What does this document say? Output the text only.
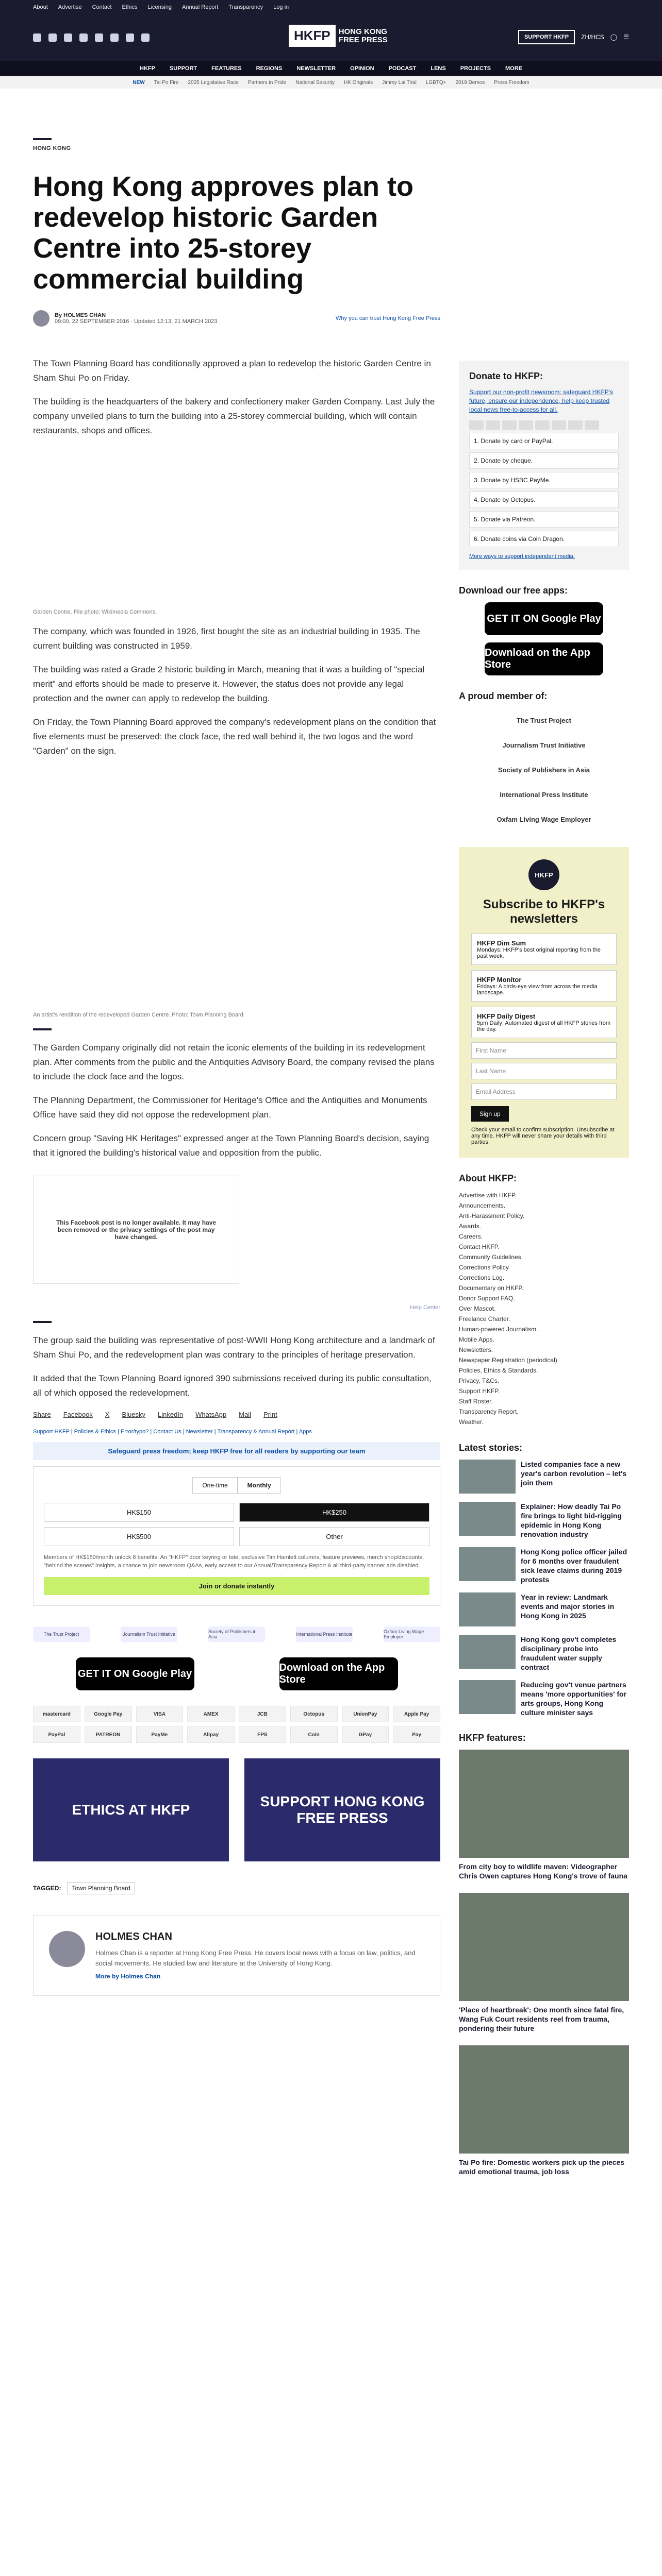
About Advertise Contact Ethics Licensing Annual Report Transparency Log in
HKFP	HONG KONG
FREE PRESS	SUPPORT HKFP	ZH/HCS ◯ ☰
HKFP	SUPPORT	FEATURES	REGIONS	NEWSLETTER	OPINION	PODCAST	LENS	PROJECTS	MORE
NEW Tai Po Fire 2025 Legislative Race Partners in Pride National Security HK Originals Jimmy Lai Trial LGBTQ+ 2019 Demos Press Freedom
HONG KONG
Hong Kong approves plan to redevelop historic Garden Centre into 25-storey commercial building
By HOLMES CHAN
09:00, 22 SEPTEMBER 2016 · Updated 12:13, 21 MARCH 2023	Why you can trust Hong Kong Free Press

The Town Planning Board has conditionally approved a plan to redevelop the historic Garden Centre in Sham Shui Po on Friday.

The building is the headquarters of the bakery and confectionery maker Garden Company. Last July the company unveiled plans to turn the building into a 25-storey commercial building, which will contain restaurants, shops and offices.

Garden Centre. File photo: Wikimedia Commons.

The company, which was founded in 1926, first bought the site as an industrial building in 1935. The current building was constructed in 1959.

The building was rated a Grade 2 historic building in March, meaning that it was a building of "special merit" and efforts should be made to preserve it. However, the status does not provide any legal protection and the owner can apply to redevelop the building.

On Friday, the Town Planning Board approved the company's redevelopment plans on the condition that five elements must be preserved: the clock face, the red wall behind it, the two logos and the word "Garden" on the sign.

An artist's rendition of the redeveloped Garden Centre. Photo: Town Planning Board.

The Garden Company originally did not retain the iconic elements of the building in its redevelopment plan. After comments from the public and the Antiquities Advisory Board, the company revised the plans to include the clock face and the logos.

The Planning Department, the Commissioner for Heritage's Office and the Antiquities and Monuments Office have said they did not oppose the redevelopment plan.

Concern group "Saving HK Heritages" expressed anger at the Town Planning Board's decision, saying that it ignored the building's historical value and opposition from the public.

This Facebook post is no longer available. It may have been removed or the privacy settings of the post may have changed.
Help Center

The group said the building was representative of post-WWII Hong Kong architecture and a landmark of Sham Shui Po, and the redevelopment plan was contrary to the principles of heritage preservation.

It added that the Town Planning Board ignored 390 submissions received during its public consultation, all of which opposed the redevelopment.

Share Facebook X Bluesky LinkedIn WhatsApp Mail Print
Support HKFP | Policies & Ethics | Error/typo? | Contact Us | Newsletter | Transparency & Annual Report | Apps
Safeguard press freedom; keep HKFP free for all readers by supporting our team
One-time	Monthly
HK$150	HK$250
HK$500	Other
Members of HK$150/month unlock 8 benefits: An "HKFP" door keyring or tote, exclusive Tim Hamlett columns, feature previews, merch shop/discounts, "behind the scenes" insights, a chance to join newsroom Q&As, early access to our Annual/Transparency Report & all third-party banner ads disabled.
Join or donate instantly
The Trust Project	Journalism Trust Initiative	Society of Publishers in Asia	International Press Institute	Oxfam Living Wage Employer
GET IT ON Google Play
Download on the App Store
mastercard	Google Pay	VISA	AMEX	JCB	Octopus	UnionPay	Apple Pay
PayPal	PATREON	PayMe	Alipay	FPS	Coin	GPay	Pay
ETHICS AT HKFP
SUPPORT HONG KONG FREE PRESS
TAGGED:	Town Planning Board
HOLMES CHAN

Holmes Chan is a reporter at Hong Kong Free Press. He covers local news with a focus on law, politics, and social movements. He studied law and literature at the University of Hong Kong.

More by Holmes Chan
Donate to HKFP:

Support our non-profit newsroom: safeguard HKFP's future, ensure our independence, help keep trusted local news free-to-access for all.

1. Donate by card or PayPal.
2. Donate by cheque.
3. Donate by HSBC PayMe.
4. Donate by Octopus.
5. Donate via Patreon.
6. Donate coins via Coin Dragon.
More ways to support independent media.
Download our free apps:
GET IT ON Google Play
Download on the App Store
A proud member of:
The Trust Project
Journalism Trust Initiative
Society of Publishers in Asia
International Press Institute
Oxfam Living Wage Employer
HKFP
Subscribe to HKFP's newsletters
HKFP Dim Sum
Mondays: HKFP's best original reporting from the past week.
HKFP Monitor
Fridays: A birds-eye view from across the media landscape.
HKFP Daily Digest
5pm Daily: Automated digest of all HKFP stories from the day.
First Name
Last Name
Email Address
Sign up

Check your email to confirm subscription. Unsubscribe at any time. HKFP will never share your details with third parties.

About HKFP:
Advertise with HKFP.
Announcements.
Anti-Harassment Policy.
Awards.
Careers.
Contact HKFP.
Community Guidelines.
Corrections Policy.
Corrections Log.
Documentary on HKFP.
Donor Support FAQ.
Over Mascot.
Freelance Charter.
Human-powered Journalism.
Mobile Apps.
Newsletters.
Newspaper Registration (periodical).
Policies, Ethics & Standards.
Privacy, T&Cs.
Support HKFP.
Staff Roster.
Transparency Report.
Weather.
Latest stories:

Listed companies face a new year's carbon revolution – let's join them

Explainer: How deadly Tai Po fire brings to light bid-rigging epidemic in Hong Kong renovation industry

Hong Kong police officer jailed for 6 months over fraudulent sick leave claims during 2019 protests

Year in review: Landmark events and major stories in Hong Kong in 2025

Hong Kong gov't completes disciplinary probe into fraudulent water supply contract

Reducing gov't venue partners means 'more opportunities' for arts groups, Hong Kong culture minister says

HKFP features:

From city boy to wildlife maven: Videographer Chris Owen captures Hong Kong's trove of fauna

'Place of heartbreak': One month since fatal fire, Wang Fuk Court residents reel from trauma, pondering their future

Tai Po fire: Domestic workers pick up the pieces amid emotional trauma, job loss
